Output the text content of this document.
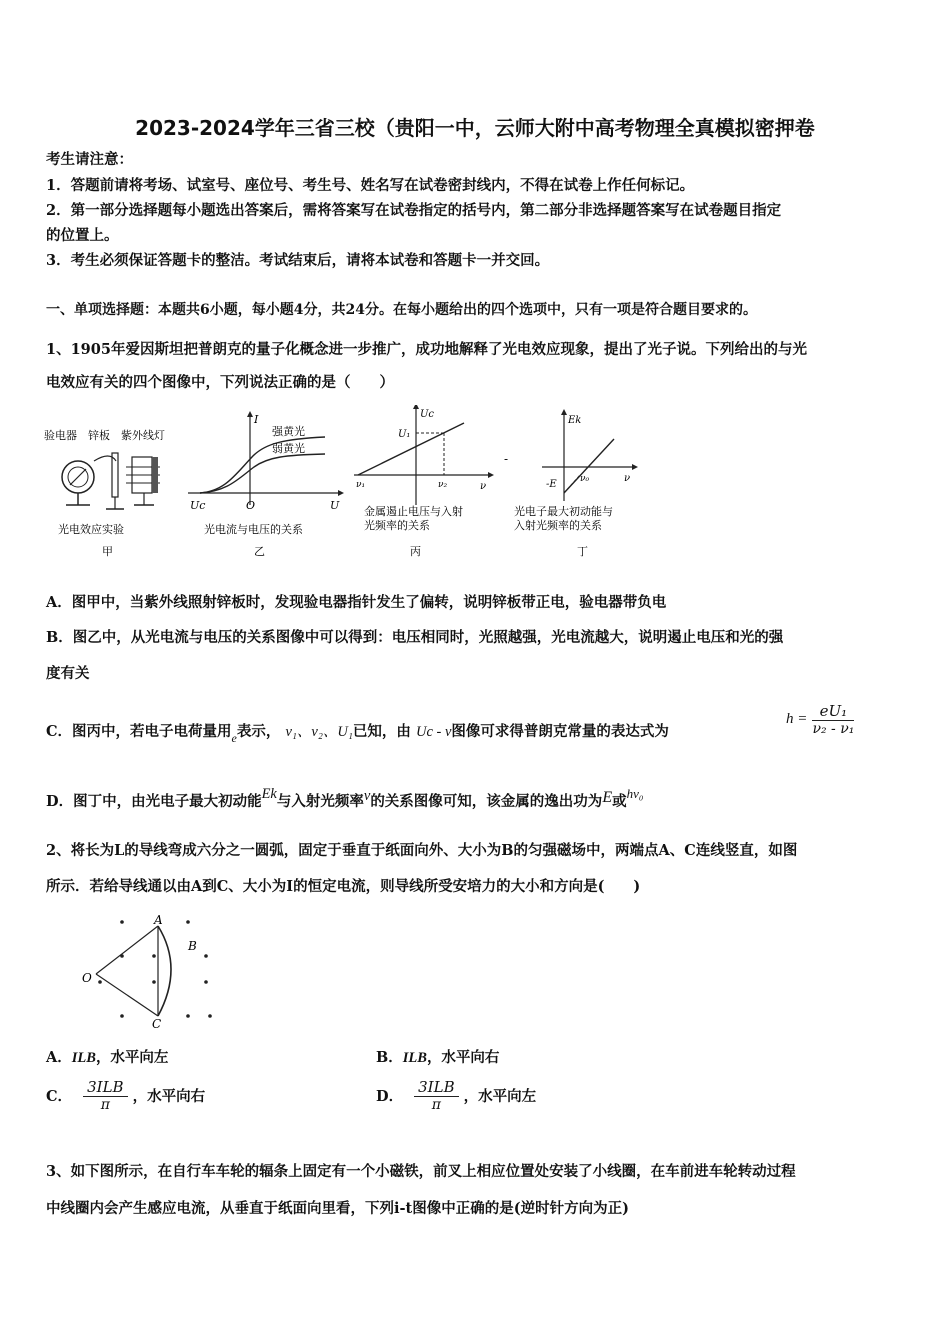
2023-2024学年三省三校（贵阳一中，云师大附中高考物理全真模拟密押卷
考生请注意：
1．答题前请将考场、试室号、座位号、考生号、姓名写在试卷密封线内，不得在试卷上作任何标记。
2．第一部分选择题每小题选出答案后，需将答案写在试卷指定的括号内，第二部分非选择题答案写在试卷题目指定
的位置上。
3．考生必须保证答题卡的整洁。考试结束后，请将本试卷和答题卡一并交回。
一、单项选择题：本题共6小题，每小题4分，共24分。在每小题给出的四个选项中，只有一项是符合题目要求的。
1、1905年爱因斯坦把普朗克的量子化概念进一步推广，成功地解释了光电效应现象，提出了光子说。下列给出的与光
电效应有关的四个图像中，下列说法正确的是（　　）
验电器　锌板　紫外线灯
光电效应实验
甲
I
U
O
Uc
强黄光
弱黄光
光电流与电压的关系
乙
Uc
U₁
ν₁	ν₂	ν
金属遏止电压与入射
光频率的关系
丙
-
Ek
-E	ν₀	ν
光电子最大初动能与
入射光频率的关系
丁
A．图甲中，当紫外线照射锌板时，发现验电器指针发生了偏转，说明锌板带正电，验电器带负电
B．图乙中，从光电流与电压的关系图像中可以得到：电压相同时，光照越强，光电流越大，说明遏止电压和光的强
度有关
C．图丙中，若电子电荷量用$_e$表示， ν₁、ν₂、U₁已知，由 Uc - ν图像可求得普朗克常量的表达式为
$h = \frac{\text{eU₁}}{\text{ν₂ - ν₁}}$
D．图丁中，由光电子最大初动能Ek与入射光频率ν的关系图像可知，该金属的逸出功为E或hν₀
2、将长为L的导线弯成六分之一圆弧，固定于垂直于纸面向外、大小为B的匀强磁场中，两端点A、C连线竖直，如图
所示．若给导线通以由A到C、大小为I的恒定电流，则导线所受安培力的大小和方向是(　　)
A
B
C
O
A．ILB，水平向左	B．ILB，水平向右
C． $\frac{\text{3ILB}}{\pi}$ ，水平向右	D． $\frac{\text{3ILB}}{\pi}$ ，水平向左
3、如下图所示，在自行车车轮的辐条上固定有一个小磁铁，前叉上相应位置处安装了小线圈，在车前进车轮转动过程
中线圈内会产生感应电流，从垂直于纸面向里看，下列i-t图像中正确的是(逆时针方向为正)
